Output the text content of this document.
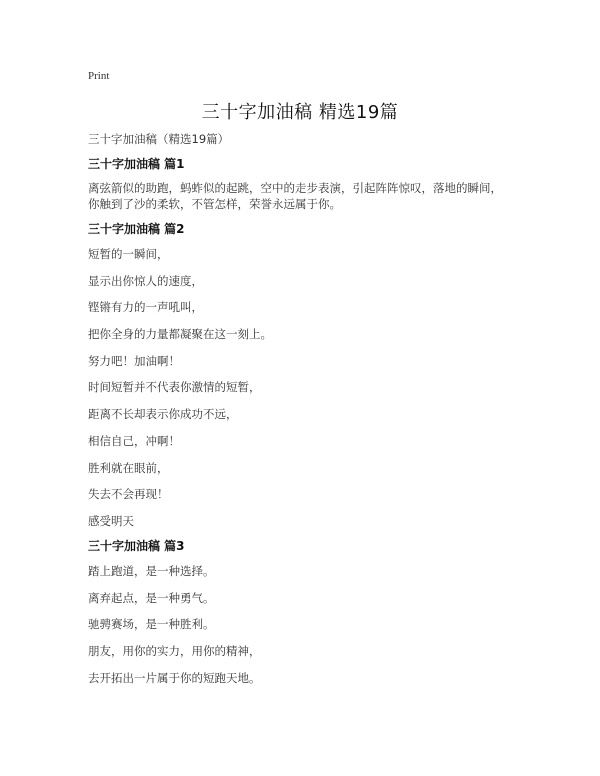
Print
三十字加油稿 精选19篇
三十字加油稿（精选19篇）
三十字加油稿 篇1
离弦箭似的助跑，蚂蚱似的起跳，空中的走步表演，引起阵阵惊叹，落地的瞬间，
你触到了沙的柔软，不管怎样，荣誉永远属于你。
三十字加油稿 篇2
短暂的一瞬间，
显示出你惊人的速度，
铿锵有力的一声吼叫，
把你全身的力量都凝聚在这一刻上。
努力吧！加油啊！
时间短暂并不代表你激情的短暂，
距离不长却表示你成功不远，
相信自己，冲啊！
胜利就在眼前，
失去不会再现！
感受明天
三十字加油稿 篇3
踏上跑道，是一种选择。
离弃起点，是一种勇气。
驰骋赛场，是一种胜利。
朋友，用你的实力，用你的精神，
去开拓出一片属于你的短跑天地。
